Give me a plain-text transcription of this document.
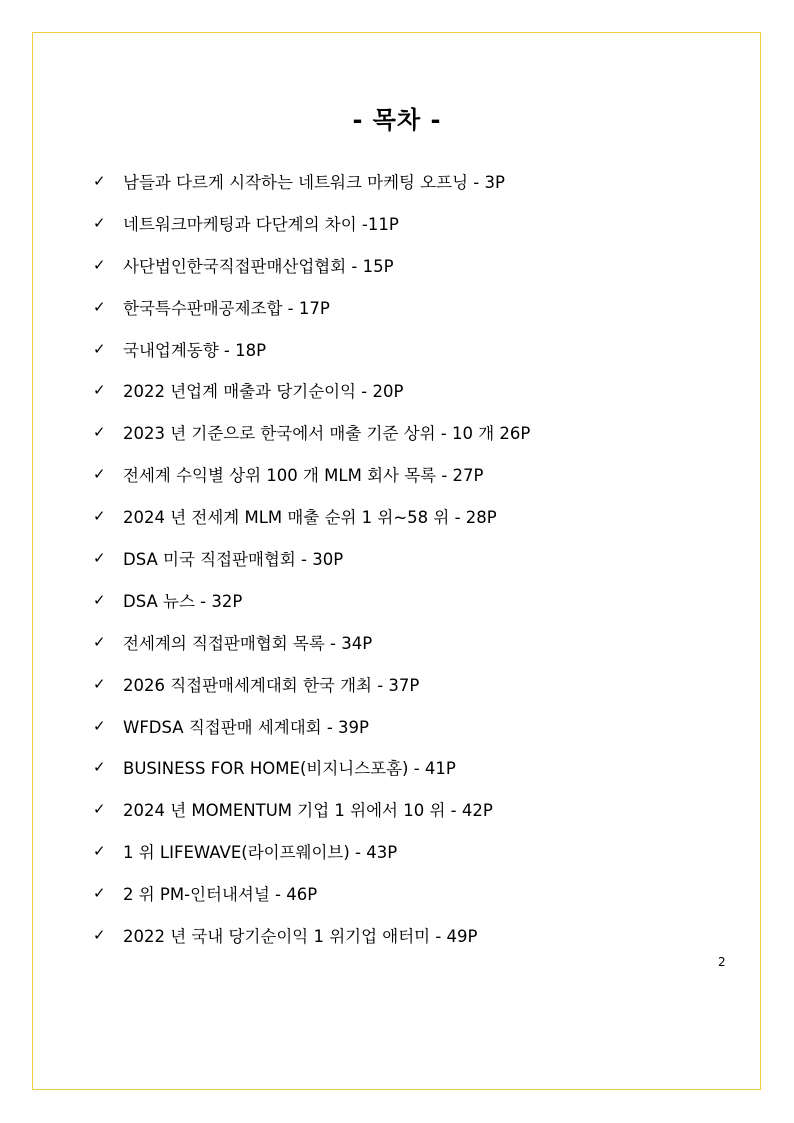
- 목차 -
✓	남들과 다르게 시작하는 네트워크 마케팅 오프닝 - 3P
✓	네트워크마케팅과 다단계의 차이 -11P
✓	사단법인한국직접판매산업협회 - 15P
✓	한국특수판매공제조합 - 17P
✓	국내업계동향 - 18P
✓	2022 년업계 매출과 당기순이익 - 20P
✓	2023 년 기준으로 한국에서 매출 기준 상위 - 10 개 26P
✓	전세계 수익별 상위 100 개 MLM 회사 목록 - 27P
✓	2024 년 전세계 MLM 매출 순위 1 위~58 위 - 28P
✓	DSA 미국 직접판매협회 - 30P
✓	DSA 뉴스 - 32P
✓	전세계의 직접판매협회 목록 - 34P
✓	2026 직접판매세계대회 한국 개최 - 37P
✓	WFDSA 직접판매 세계대회 - 39P
✓	BUSINESS FOR HOME(비지니스포홈) - 41P
✓	2024 년 MOMENTUM 기업 1 위에서 10 위 - 42P
✓	1 위 LIFEWAVE(라이프웨이브) - 43P
✓	2 위 PM-인터내셔널 - 46P
✓	2022 년 국내 당기순이익 1 위기업 애터미 - 49P
2
